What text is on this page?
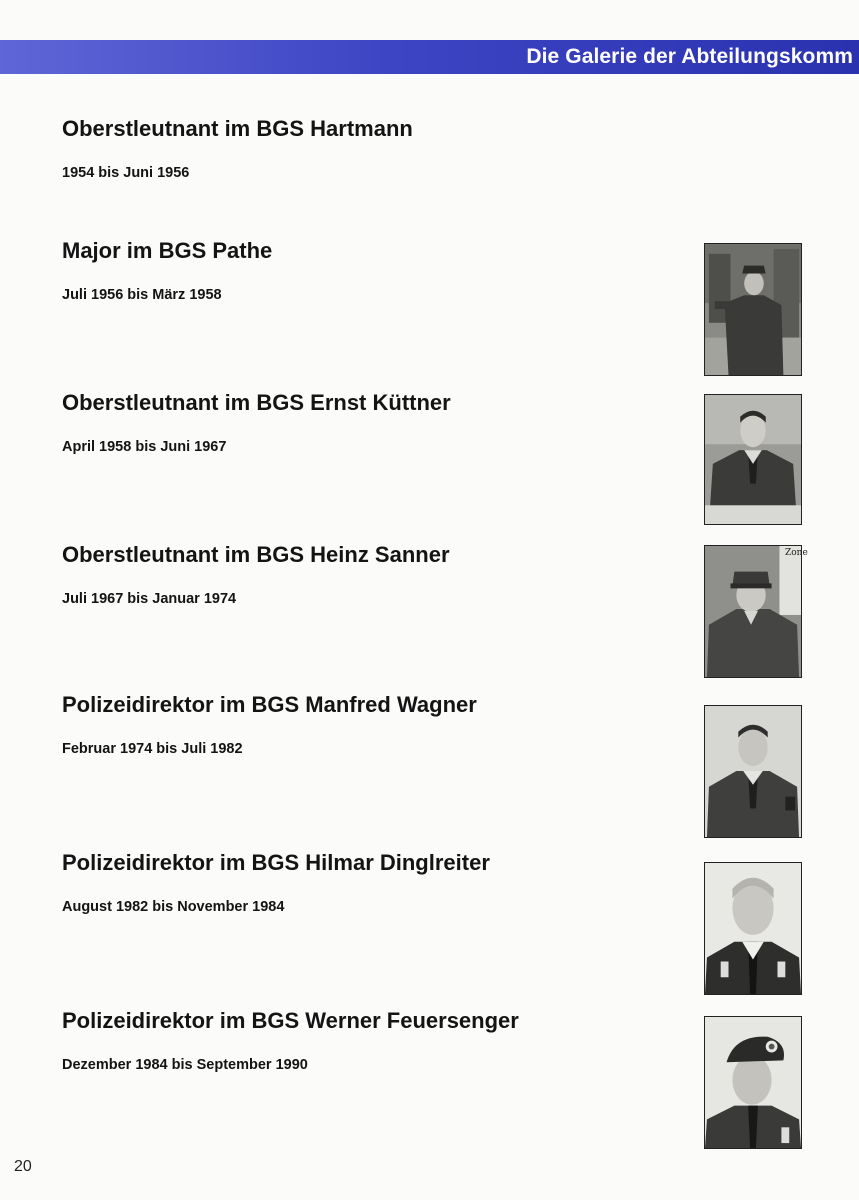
Die Galerie der Abteilungskomm
Oberstleutnant im BGS Hartmann
1954 bis Juni 1956
Major im BGS Pathe
Juli 1956 bis März 1958
Oberstleutnant im BGS Ernst Küttner
April 1958 bis Juni 1967
Oberstleutnant im BGS Heinz Sanner
Juli 1967 bis Januar 1974
Polizeidirektor im BGS Manfred Wagner
Februar 1974 bis Juli 1982
Polizeidirektor im BGS Hilmar Dinglreiter
August 1982 bis November 1984
Polizeidirektor im BGS Werner Feuersenger
Dezember 1984 bis September 1990
Zone
20
